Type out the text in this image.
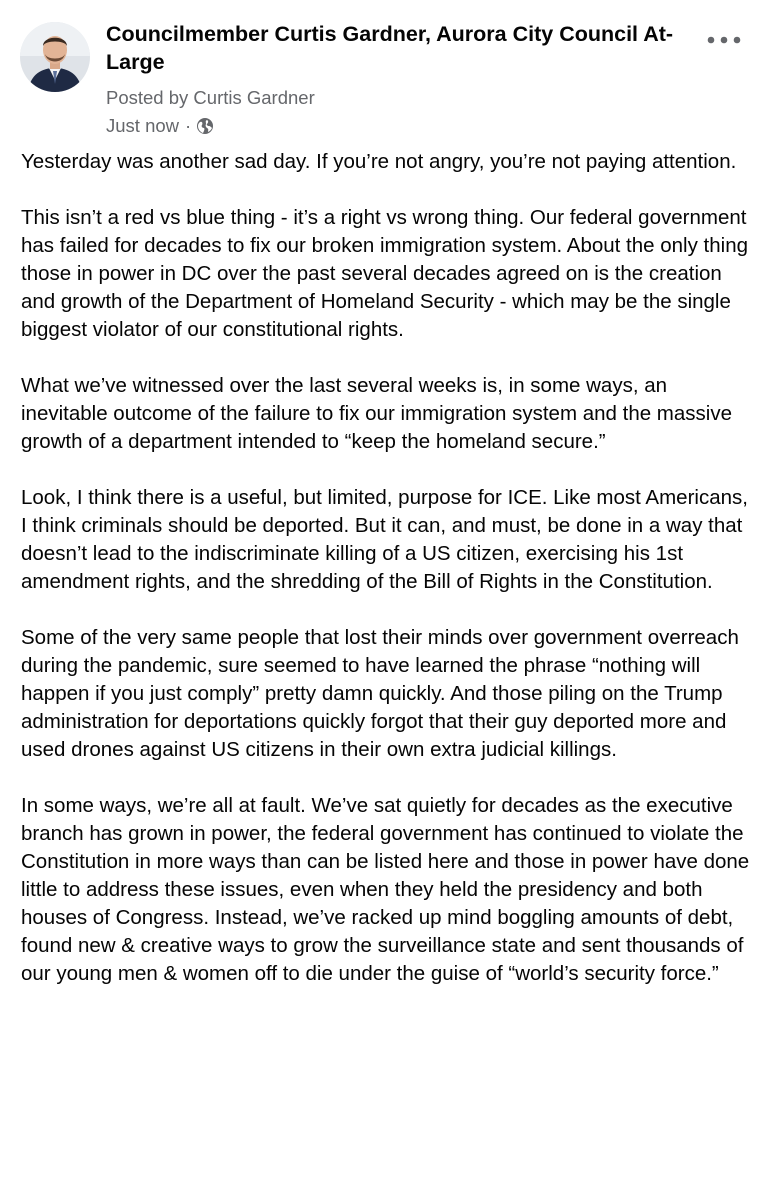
Councilmember Curtis Gardner, Aurora City Council At-Large
Posted by Curtis Gardner
Just now ·

Yesterday was another sad day. If you’re not angry, you’re not paying attention.

This isn’t a red vs blue thing - it’s a right vs wrong thing. Our federal government has failed for decades to fix our broken immigration system. About the only thing those in power in DC over the past several decades agreed on is the creation and growth of the Department of Homeland Security - which may be the single biggest violator of our constitutional rights.

What we’ve witnessed over the last several weeks is, in some ways, an inevitable outcome of the failure to fix our immigration system and the massive growth of a department intended to “keep the homeland secure.”

Look, I think there is a useful, but limited, purpose for ICE. Like most Americans, I think criminals should be deported. But it can, and must, be done in a way that doesn’t lead to the indiscriminate killing of a US citizen, exercising his 1st amendment rights, and the shredding of the Bill of Rights in the Constitution.

Some of the very same people that lost their minds over government overreach during the pandemic, sure seemed to have learned the phrase “nothing will happen if you just comply” pretty damn quickly. And those piling on the Trump administration for deportations quickly forgot that their guy deported more and used drones against US citizens in their own extra judicial killings.

In some ways, we’re all at fault. We’ve sat quietly for decades as the executive branch has grown in power, the federal government has continued to violate the Constitution in more ways than can be listed here and those in power have done little to address these issues, even when they held the presidency and both houses of Congress. Instead, we’ve racked up mind boggling amounts of debt, found new & creative ways to grow the surveillance state and sent thousands of our young men & women off to die under the guise of “world’s security force.”
